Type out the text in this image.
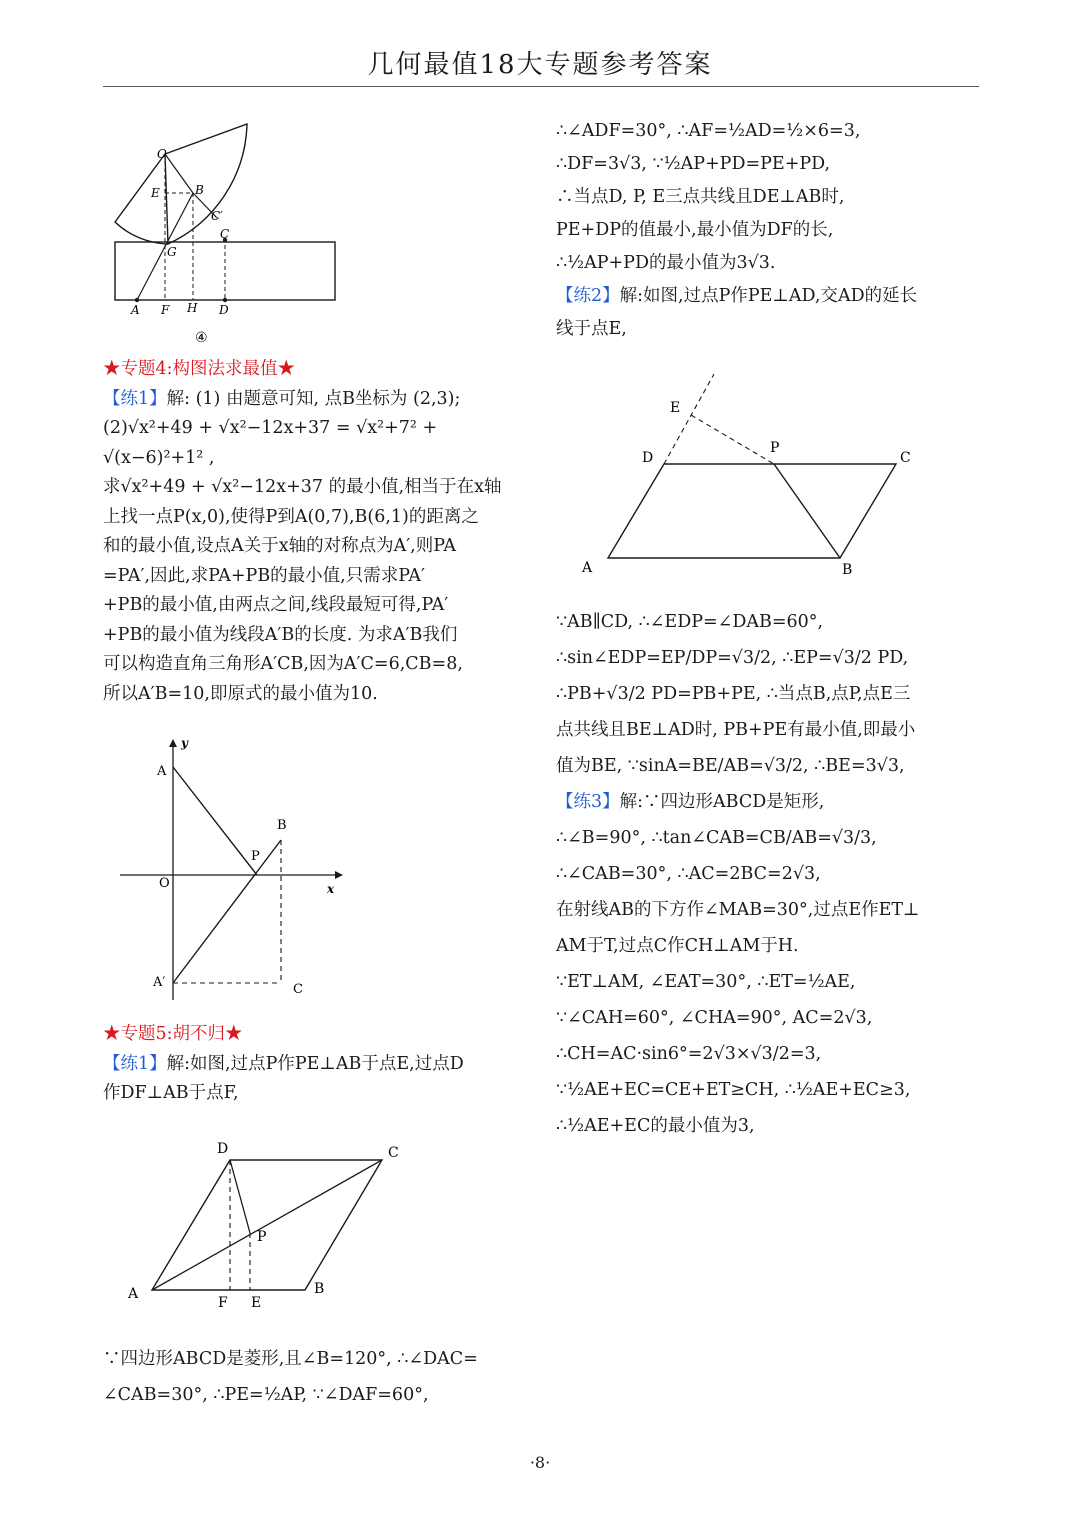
几何最值18大专题参考答案
O
E	B
C′
G
C
A F H D
④
★专题4:构图法求最值★
【练1】解: (1) 由题意可知, 点B坐标为 (2,3);
(2)√x²+49 + √x²−12x+37 = √x²+7² +
√(x−6)²+1² ,
求√x²+49 + √x²−12x+37 的最小值,相当于在x轴
上找一点P(x,0),使得P到A(0,7),B(6,1)的距离之
和的最小值,设点A关于x轴的对称点为A′,则PA
=PA′,因此,求PA+PB的最小值,只需求PA′
+PB的最小值,由两点之间,线段最短可得,PA′
+PB的最小值为线段A′B的长度. 为求A′B我们
可以构造直角三角形A′CB,因为A′C=6,CB=8,
所以A′B=10,即原式的最小值为10.
y
A
B
P
O	x
A′	C
★专题5:胡不归★
【练1】解:如图,过点P作PE⊥AB于点E,过点D
作DF⊥AB于点F,
D	C
P
A
F E
B
∵四边形ABCD是菱形,且∠B=120°, ∴∠DAC=
∠CAB=30°, ∴PE=½AP, ∵∠DAF=60°,
∴∠ADF=30°, ∴AF=½AD=½×6=3,
∴DF=3√3, ∵½AP+PD=PE+PD,
∴当点D, P, E三点共线且DE⊥AB时,
PE+DP的值最小,最小值为DF的长,
∴½AP+PD的最小值为3√3.
【练2】解:如图,过点P作PE⊥AD,交AD的延长
线于点E,
E
D
P
C
A	B
∵AB∥CD, ∴∠EDP=∠DAB=60°,
∴sin∠EDP=EP/DP=√3/2, ∴EP=√3/2 PD,
∴PB+√3/2 PD=PB+PE, ∴当点B,点P,点E三
点共线且BE⊥AD时, PB+PE有最小值,即最小
值为BE, ∵sinA=BE/AB=√3/2, ∴BE=3√3,
【练3】解:∵四边形ABCD是矩形,
∴∠B=90°, ∴tan∠CAB=CB/AB=√3/3,
∴∠CAB=30°, ∴AC=2BC=2√3,
在射线AB的下方作∠MAB=30°,过点E作ET⊥
AM于T,过点C作CH⊥AM于H.
∵ET⊥AM, ∠EAT=30°, ∴ET=½AE,
∵∠CAH=60°, ∠CHA=90°, AC=2√3,
∴CH=AC·sin6°=2√3×√3/2=3,
∵½AE+EC=CE+ET≥CH, ∴½AE+EC≥3,
∴½AE+EC的最小值为3,
·8·
